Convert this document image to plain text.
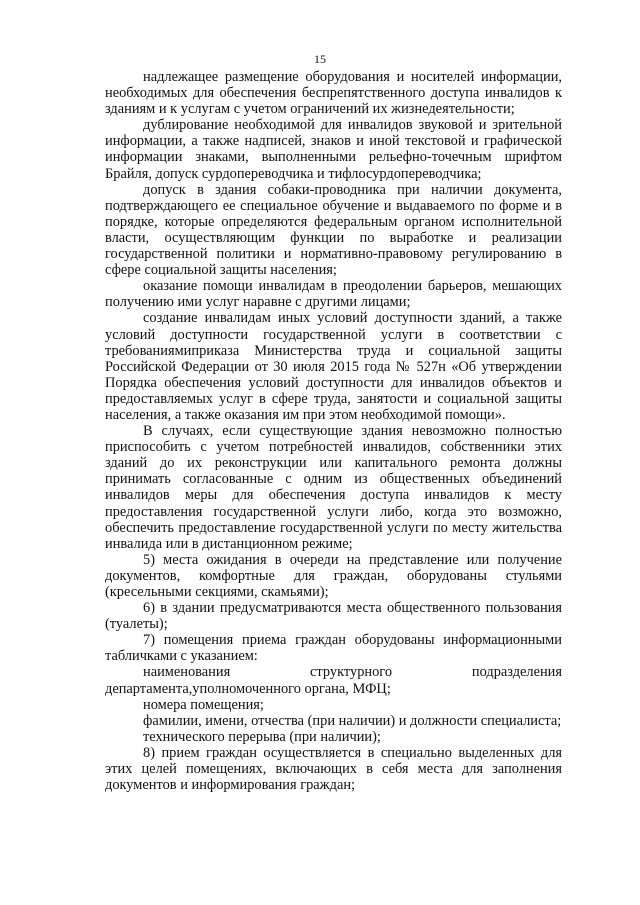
15

надлежащее размещение оборудования и носителей информации, необходимых для обеспечения беспрепятственного доступа инвалидов к зданиям и к услугам с учетом ограничений их жизнедеятельности;

дублирование необходимой для инвалидов звуковой и зрительной информации, а также надписей, знаков и иной текстовой и графической информации знаками, выполненными рельефно-точечным шрифтом Брайля, допуск сурдопереводчика и тифлосурдопереводчика;

допуск в здания собаки-проводника при наличии документа, подтверждающего ее специальное обучение и выдаваемого по форме и в порядке, которые определяются федеральным органом исполнительной власти, осуществляющим функции по выработке и реализации государственной политики и нормативно-правовому регулированию в сфере социальной защиты населения;

оказание помощи инвалидам в преодолении барьеров, мешающих получению ими услуг наравне с другими лицами;

создание инвалидам иных условий доступности зданий, а также условий доступности государственной услуги в соответствии с требованиямиприказа Министерства труда и социальной защиты Российской Федерации от 30 июля 2015 года № 527н «Об утверждении Порядка обеспечения условий доступности для инвалидов объектов и предоставляемых услуг в сфере труда, занятости и социальной защиты населения, а также оказания им при этом необходимой помощи».

В случаях, если существующие здания невозможно полностью приспособить с учетом потребностей инвалидов, собственники этих зданий до их реконструкции или капитального ремонта должны принимать согласованные с одним из общественных объединений инвалидов меры для обеспечения доступа инвалидов к месту предоставления государственной услуги либо, когда это возможно, обеспечить предоставление государственной услуги по месту жительства инвалида или в дистанционном режиме;

5) места ожидания в очереди на представление или получение документов, комфортные для граждан, оборудованы стульями (кресельными секциями, скамьями);

6) в здании предусматриваются места общественного пользования (туалеты);

7) помещения приема граждан оборудованы информационными табличками с указанием:

наименования структурного подразделения

департамента,уполномоченного органа, МФЦ;

номера помещения;

фамилии, имени, отчества (при наличии) и должности специалиста;

технического перерыва (при наличии);

8) прием граждан осуществляется в специально выделенных для этих целей помещениях, включающих в себя места для заполнения документов и информирования граждан;
